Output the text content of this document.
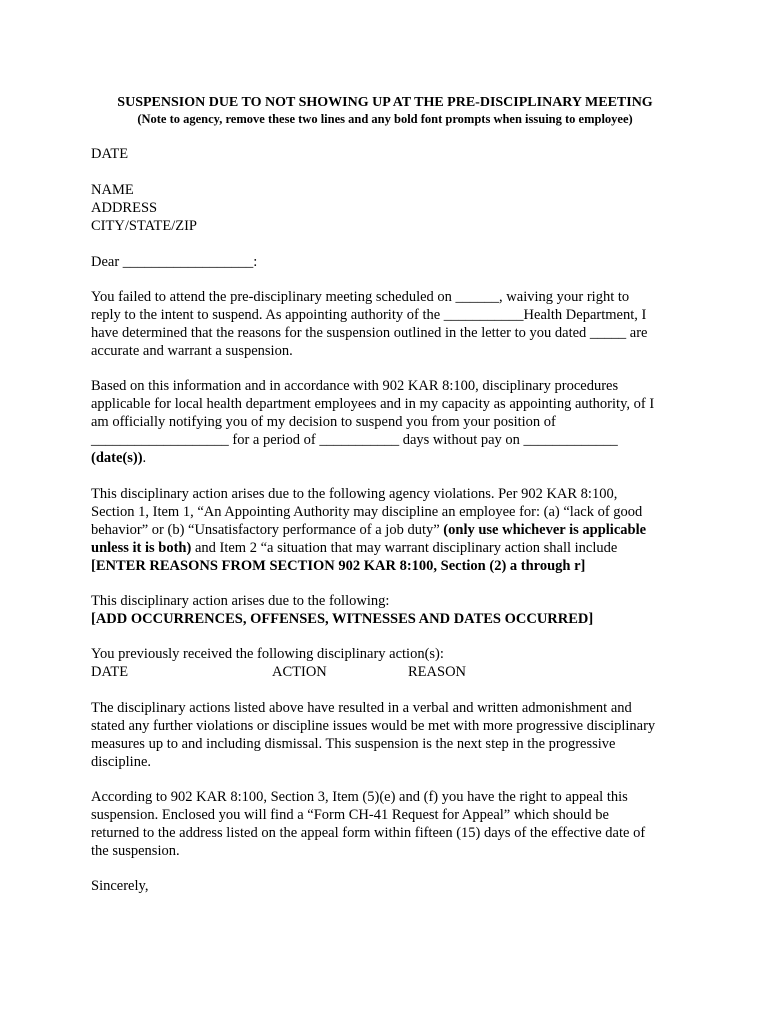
SUSPENSION DUE TO NOT SHOWING UP AT THE PRE-DISCIPLINARY MEETING
(Note to agency, remove these two lines and any bold font prompts when issuing to employee)
DATE
NAME
ADDRESS
CITY/STATE/ZIP
Dear __________________:
You failed to attend the pre-disciplinary meeting scheduled on ______, waiving your right to
reply to the intent to suspend. As appointing authority of the ___________Health Department, I
have determined that the reasons for the suspension outlined in the letter to you dated _____ are
accurate and warrant a suspension.
Based on this information and in accordance with 902 KAR 8:100, disciplinary procedures
applicable for local health department employees and in my capacity as appointing authority, of I
am officially notifying you of my decision to suspend you from your position of
___________________ for a period of ___________ days without pay on _____________
(date(s)).
This disciplinary action arises due to the following agency violations. Per 902 KAR 8:100,
Section 1, Item 1, “An Appointing Authority may discipline an employee for: (a) “lack of good
behavior” or (b) “Unsatisfactory performance of a job duty” (only use whichever is applicable
unless it is both) and Item 2 “a situation that may warrant disciplinary action shall include
[ENTER REASONS FROM SECTION 902 KAR 8:100, Section (2) a through r]
This disciplinary action arises due to the following:
[ADD OCCURRENCES, OFFENSES, WITNESSES AND DATES OCCURRED]
You previously received the following disciplinary action(s):
DATE	ACTION	REASON
The disciplinary actions listed above have resulted in a verbal and written admonishment and
stated any further violations or discipline issues would be met with more progressive disciplinary
measures up to and including dismissal. This suspension is the next step in the progressive
discipline.
According to 902 KAR 8:100, Section 3, Item (5)(e) and (f) you have the right to appeal this
suspension. Enclosed you will find a “Form CH-41 Request for Appeal” which should be
returned to the address listed on the appeal form within fifteen (15) days of the effective date of
the suspension.
Sincerely,
